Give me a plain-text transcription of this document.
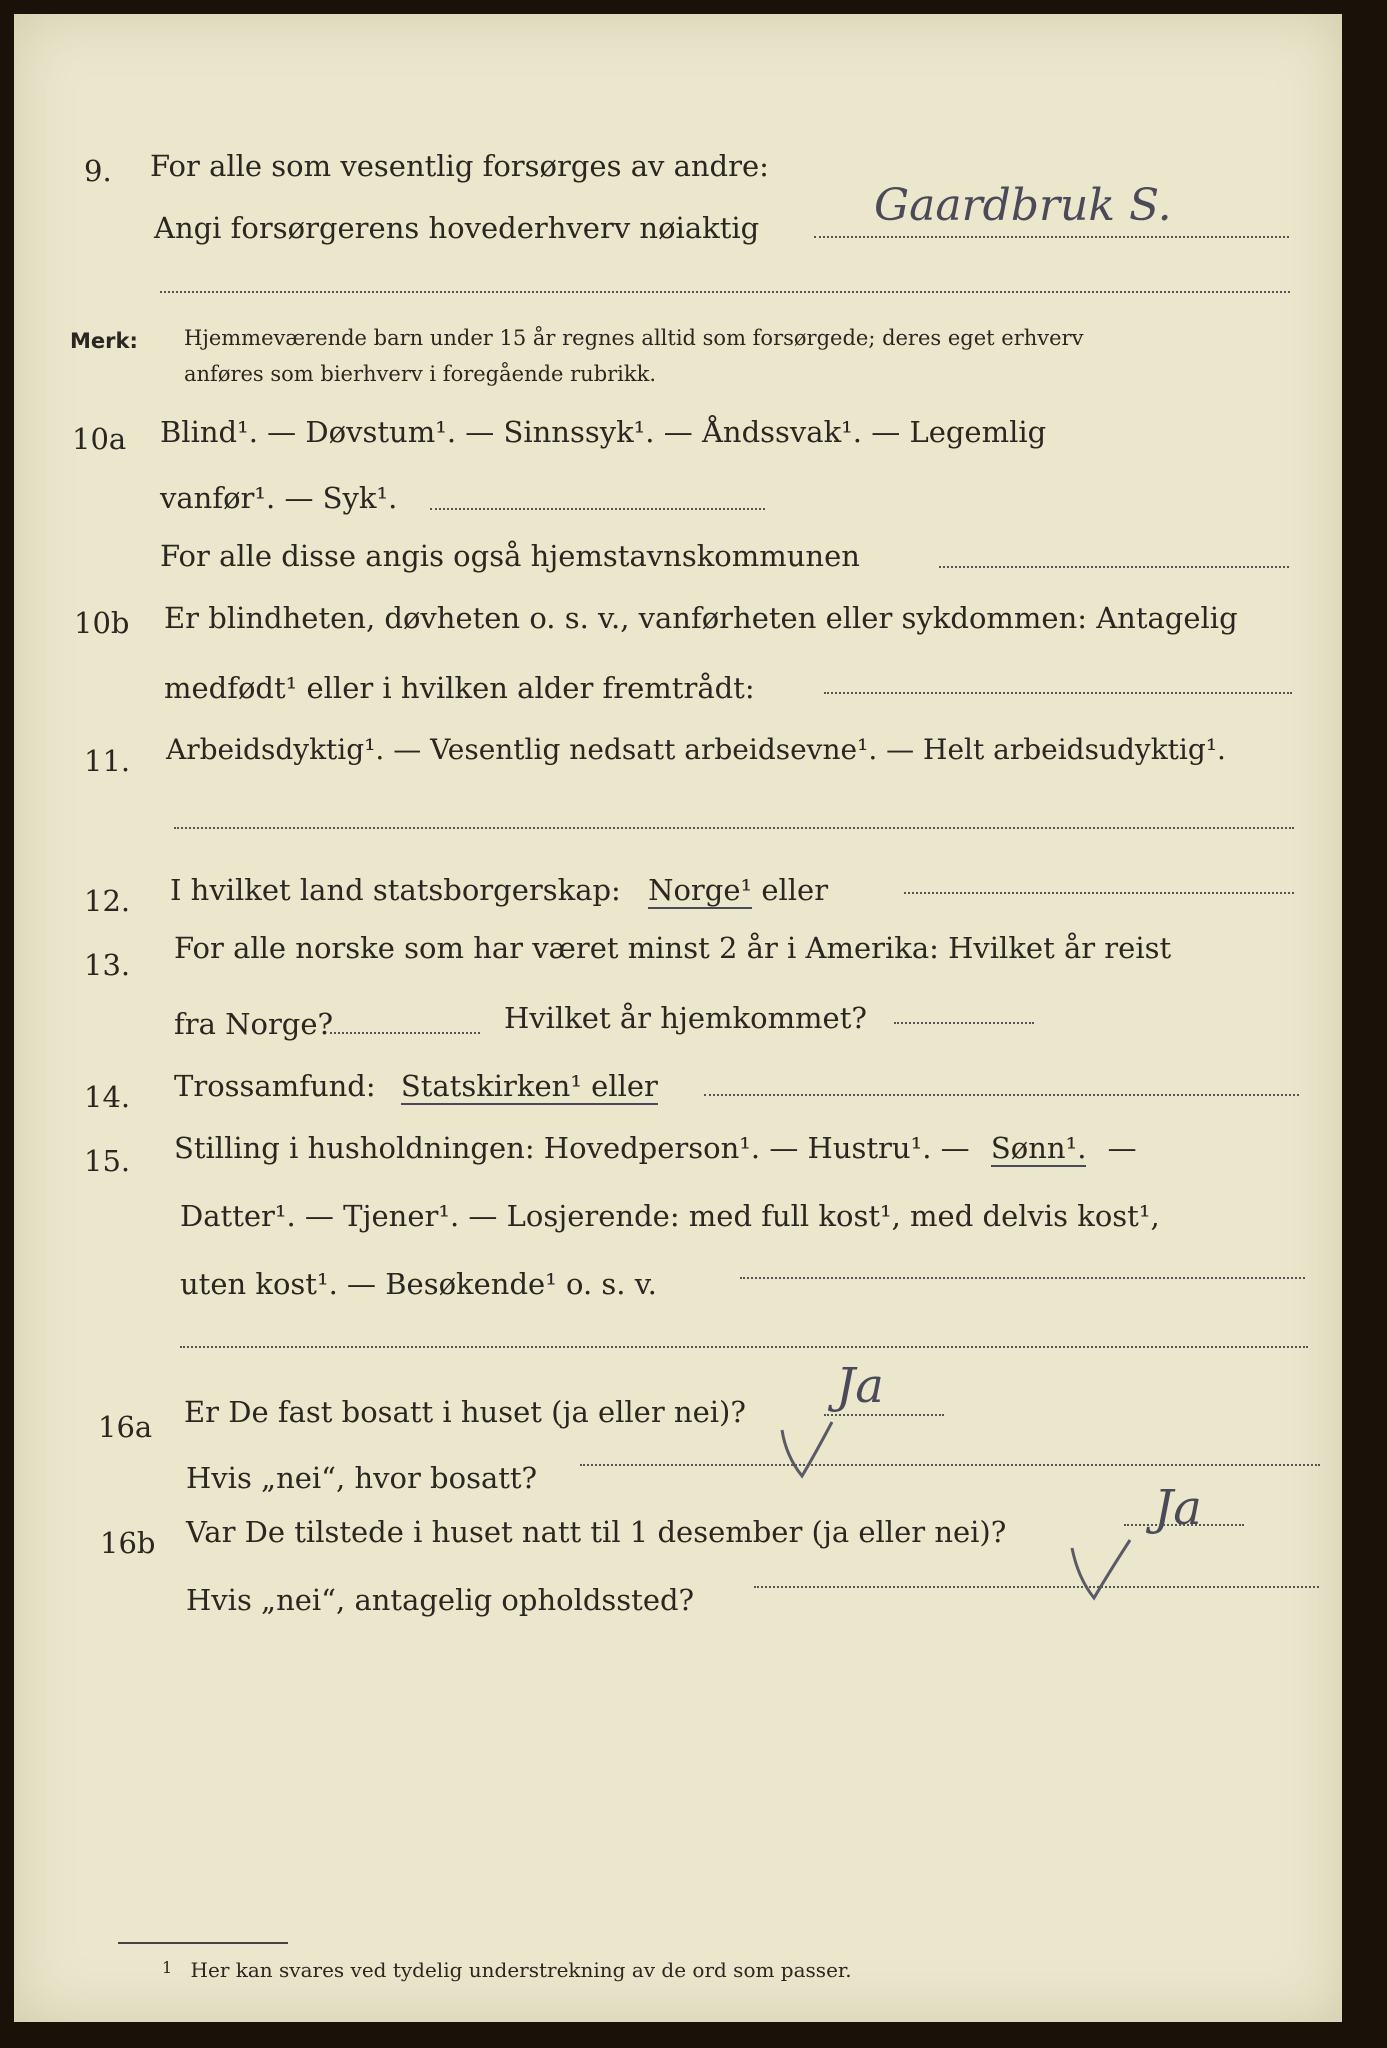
9. For alle som vesentlig forsørges av andre:
Angi forsørgerens hovederhverv nøiaktig	Gaardbruk S.
Merk: Hjemmeværende barn under 15 år regnes alltid som forsørgede; deres eget erhverv
anføres som bierhverv i foregående rubrikk.
10a Blind¹. — Døvstum¹. — Sinnssyk¹. — Åndssvak¹. — Legemlig
vanfør¹. — Syk¹.
For alle disse angis også hjemstavnskommunen
10b Er blindheten, døvheten o. s. v., vanførheten eller sykdommen: Antagelig
medfødt¹ eller i hvilken alder fremtrådt:
11. Arbeidsdyktig¹. — Vesentlig nedsatt arbeidsevne¹. — Helt arbeidsudyktig¹.
12. I hvilket land statsborgerskap: Norge¹ eller
13. For alle norske som har været minst 2 år i Amerika: Hvilket år reist
fra Norge?	Hvilket år hjemkommet?
14. Trossamfund: Statskirken¹ eller
15. Stilling i husholdningen: Hovedperson¹. — Hustru¹. — Sønn¹. —
Datter¹. — Tjener¹. — Losjerende: med full kost¹, med delvis kost¹,
uten kost¹. — Besøkende¹ o. s. v.
16a Er De fast bosatt i huset (ja eller nei)? Ja
Hvis „nei“, hvor bosatt?
16b Var De tilstede i huset natt til 1 desember (ja eller nei)?	Ja
Hvis „nei“, antagelig opholdssted?
$^1$ Her kan svares ved tydelig understrekning av de ord som passer.
